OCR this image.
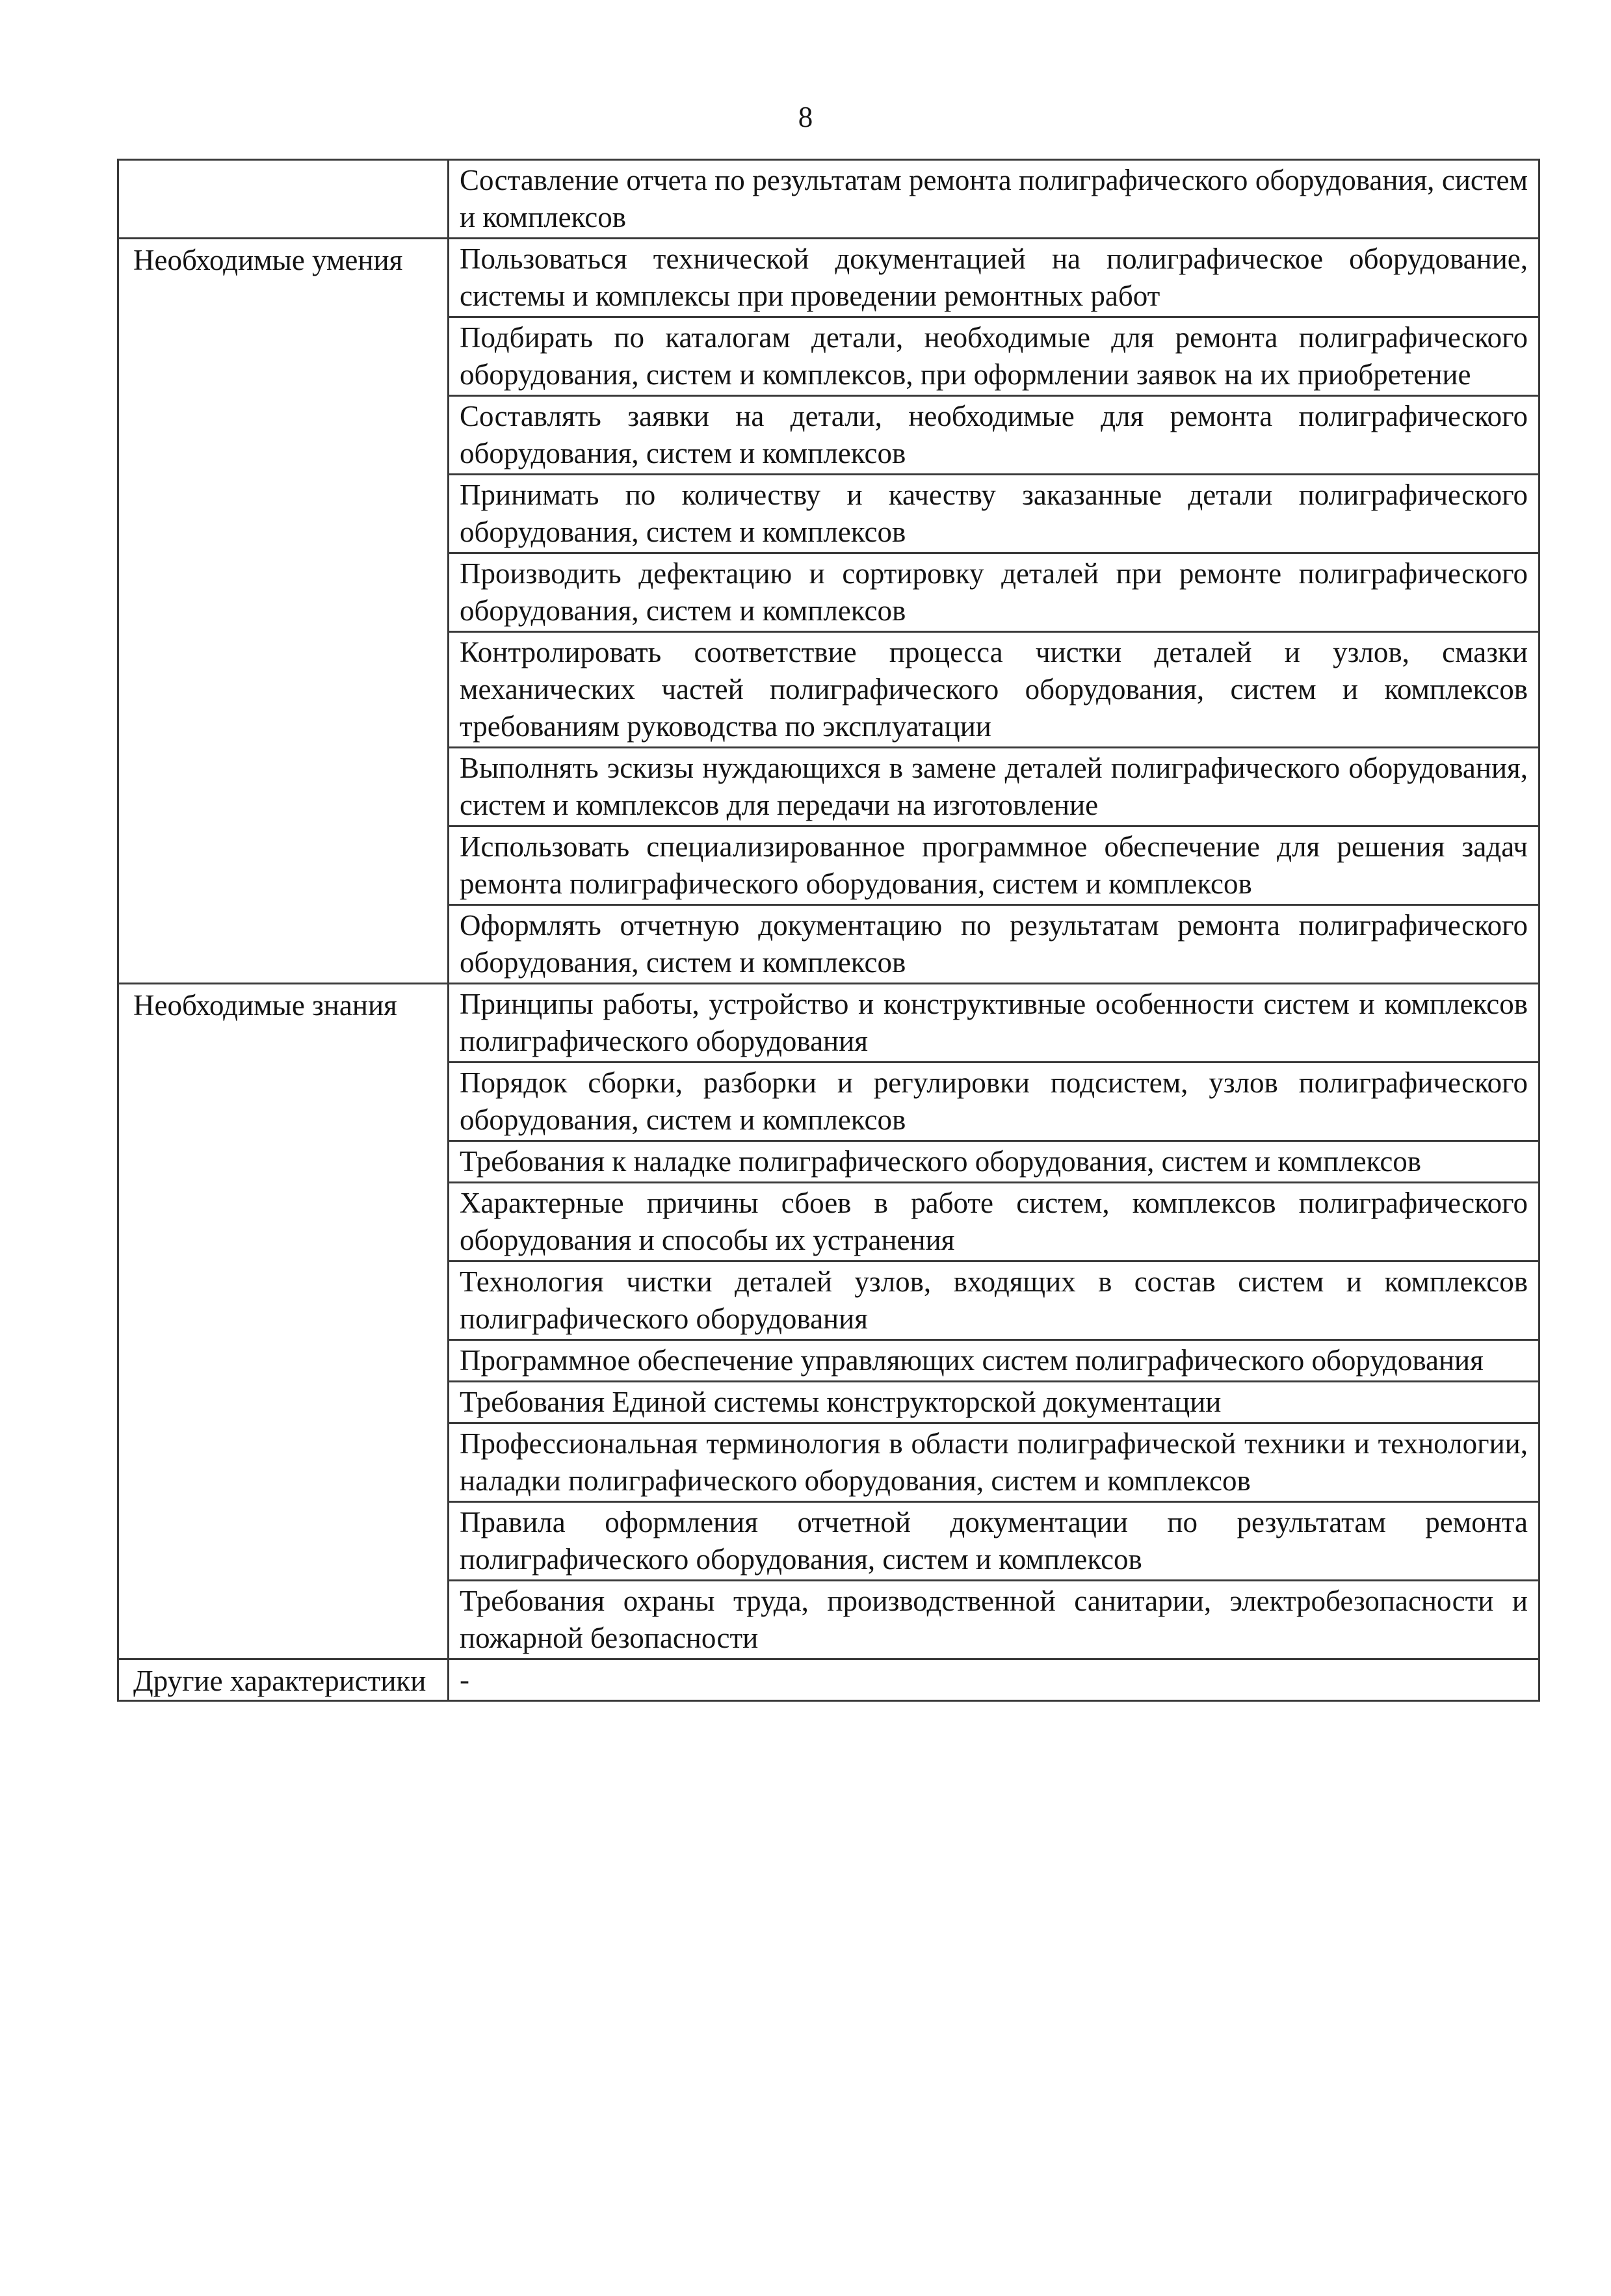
8
	Составление отчета по результатам ремонта полиграфического оборудования, систем и комплексов
Необходимые умения	Пользоваться технической документацией на полиграфическое оборудование, системы и комплексы при проведении ремонтных работ
	Подбирать по каталогам детали, необходимые для ремонта полиграфического оборудования, систем и комплексов, при оформлении заявок на их приобретение
	Составлять заявки на детали, необходимые для ремонта полиграфического оборудования, систем и комплексов
	Принимать по количеству и качеству заказанные детали полиграфического оборудования, систем и комплексов
	Производить дефектацию и сортировку деталей при ремонте полиграфического оборудования, систем и комплексов
	Контролировать соответствие процесса чистки деталей и узлов, смазки механических частей полиграфического оборудования, систем и комплексов требованиям руководства по эксплуатации
	Выполнять эскизы нуждающихся в замене деталей полиграфического оборудования, систем и комплексов для передачи на изготовление
	Использовать специализированное программное обеспечение для решения задач ремонта полиграфического оборудования, систем и комплексов
	Оформлять отчетную документацию по результатам ремонта полиграфического оборудования, систем и комплексов
Необходимые знания	Принципы работы, устройство и конструктивные особенности систем и комплексов полиграфического оборудования
	Порядок сборки, разборки и регулировки подсистем, узлов полиграфического оборудования, систем и комплексов
	Требования к наладке полиграфического оборудования, систем и комплексов
	Характерные причины сбоев в работе систем, комплексов полиграфического оборудования и способы их устранения
	Технология чистки деталей узлов, входящих в состав систем и комплексов полиграфического оборудования
	Программное обеспечение управляющих систем полиграфического оборудования
	Требования Единой системы конструкторской документации
	Профессиональная терминология в области полиграфической техники и технологии, наладки полиграфического оборудования, систем и комплексов
	Правила оформления отчетной документации по результатам ремонта полиграфического оборудования, систем и комплексов
	Требования охраны труда, производственной санитарии, электробезопасности и пожарной безопасности
Другие характеристики	-
